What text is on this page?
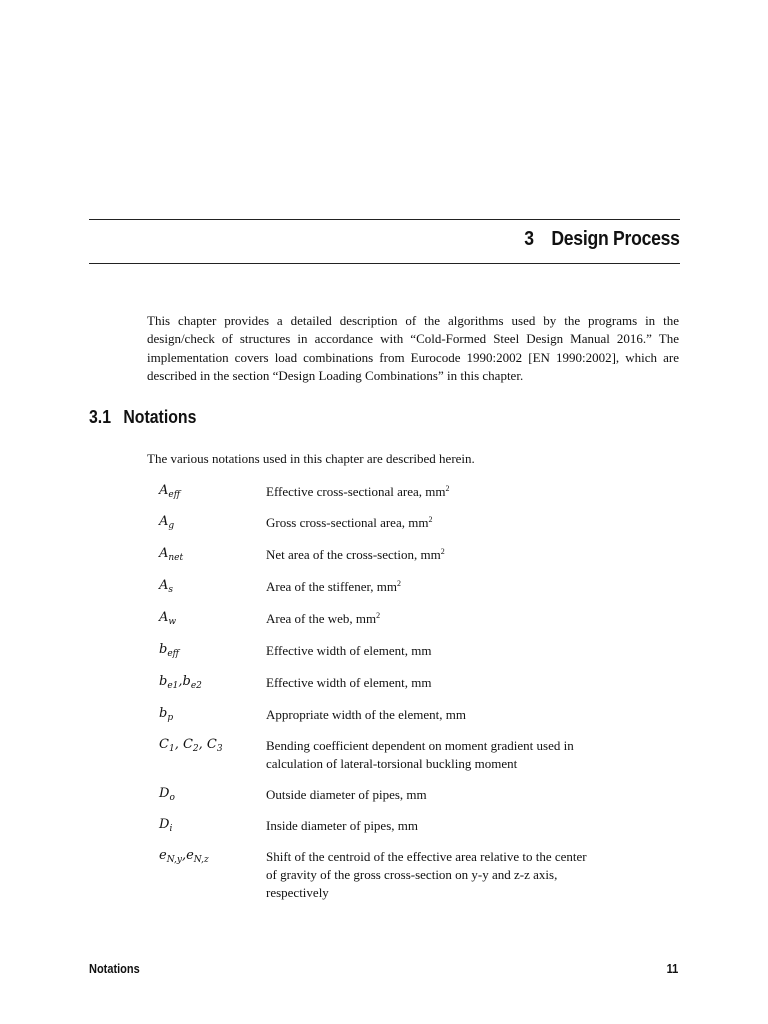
3 Design Process

This chapter provides a detailed description of the algorithms used by the programs in the design/check of structures in accordance with “Cold-Formed Steel Design Manual 2016.” The implementation covers load combinations from Eurocode 1990:2002 [EN 1990:2002], which are described in the section “Design Loading Combinations” in this chapter.

3.1 Notations

The various notations used in this chapter are described herein.

$A_{eff}$	Effective cross-sectional area, $mm^2$
$A_g$	Gross cross-sectional area, $mm^2$
$A_{net}$	Net area of the cross-section, $mm^2$
$A_s$	Area of the stiffener, $mm^2$
$A_w$	Area of the web, $mm^2$
$b_{eff}$	Effective width of element, mm
$b_{e1},b_{e2}$	Effective width of element, mm
$b_p$	Appropriate width of the element, mm
$C_1$, $C_2$, $C_3$	Bending coefficient dependent on moment gradient used in
calculation of lateral-torsional buckling moment
$D_o$	Outside diameter of pipes, mm
$D_i$	Inside diameter of pipes, mm
$e_{N,y},e_{N,z}$	Shift of the centroid of the effective area relative to the center
of gravity of the gross cross-section on y-y and z-z axis,
respectively
Notations	11
